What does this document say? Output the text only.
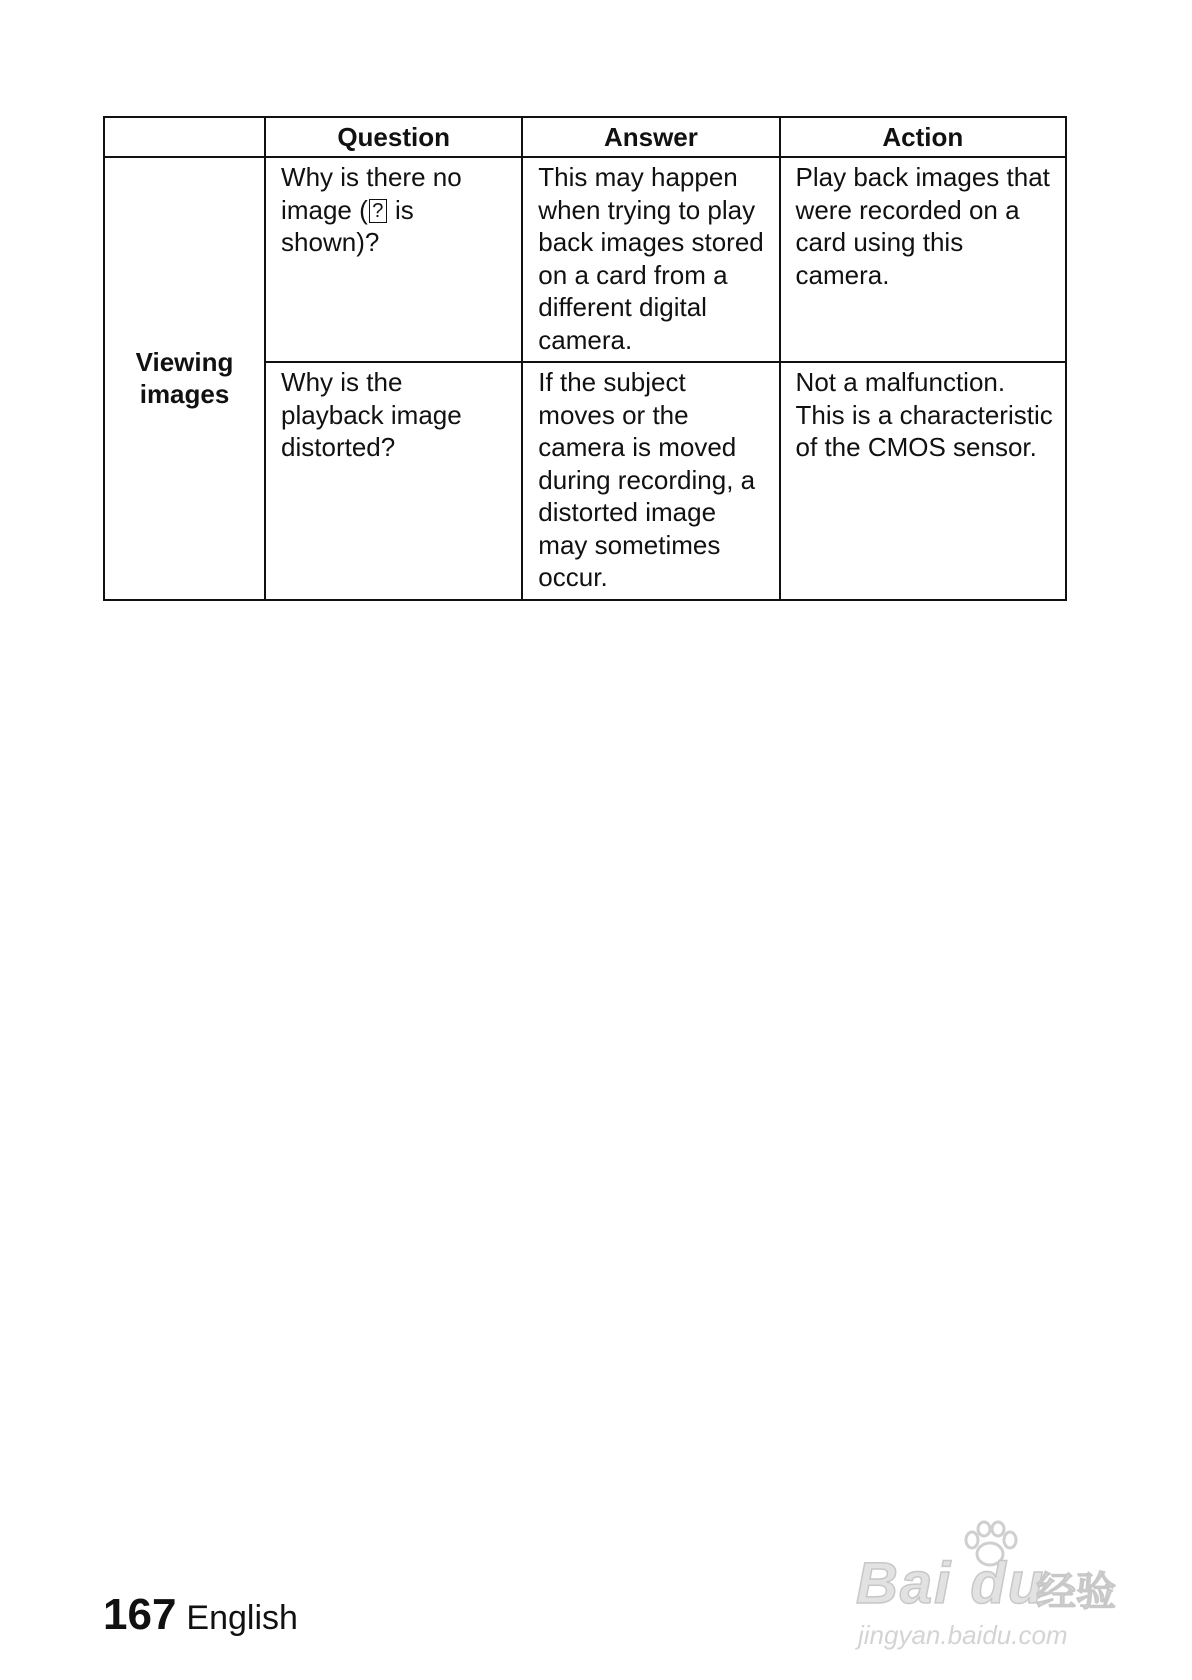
	Question	Answer	Action
Viewing images	Why is there no image ( ? is shown)?	This may happen when trying to play back images stored on a card from a different digital camera.	Play back images that were recorded on a card using this camera.
	Why is the playback image distorted?	If the subject moves or the camera is moved during recording, a distorted image may sometimes occur.	Not a malfunction. This is a characteristic of the CMOS sensor.
167 English
Bai du
经验
jingyan.baidu.com
